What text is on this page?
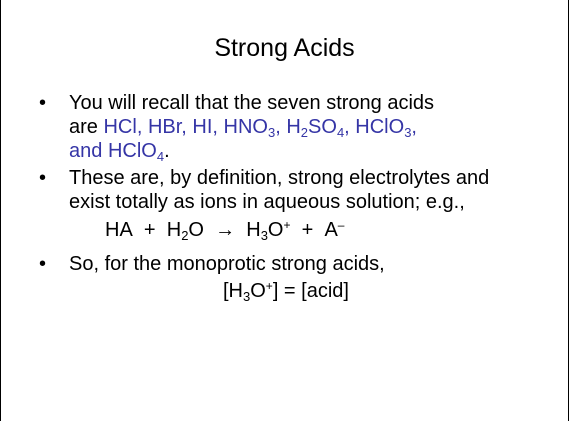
Strong Acids
•	You will recall that the seven strong acids
are HCl, HBr, HI, $HNO_3$, $H_2SO_4$, HClO$_3$,
and HClO$_4$.
•	These are, by definition, strong electrolytes and
exist totally as ions in aqueous solution; e.g.,
HA + $H_2O \to H_3O^+ + A^-$
•	So, for the monoprotic strong acids,
$[H_3O^+]$ = [acid]
